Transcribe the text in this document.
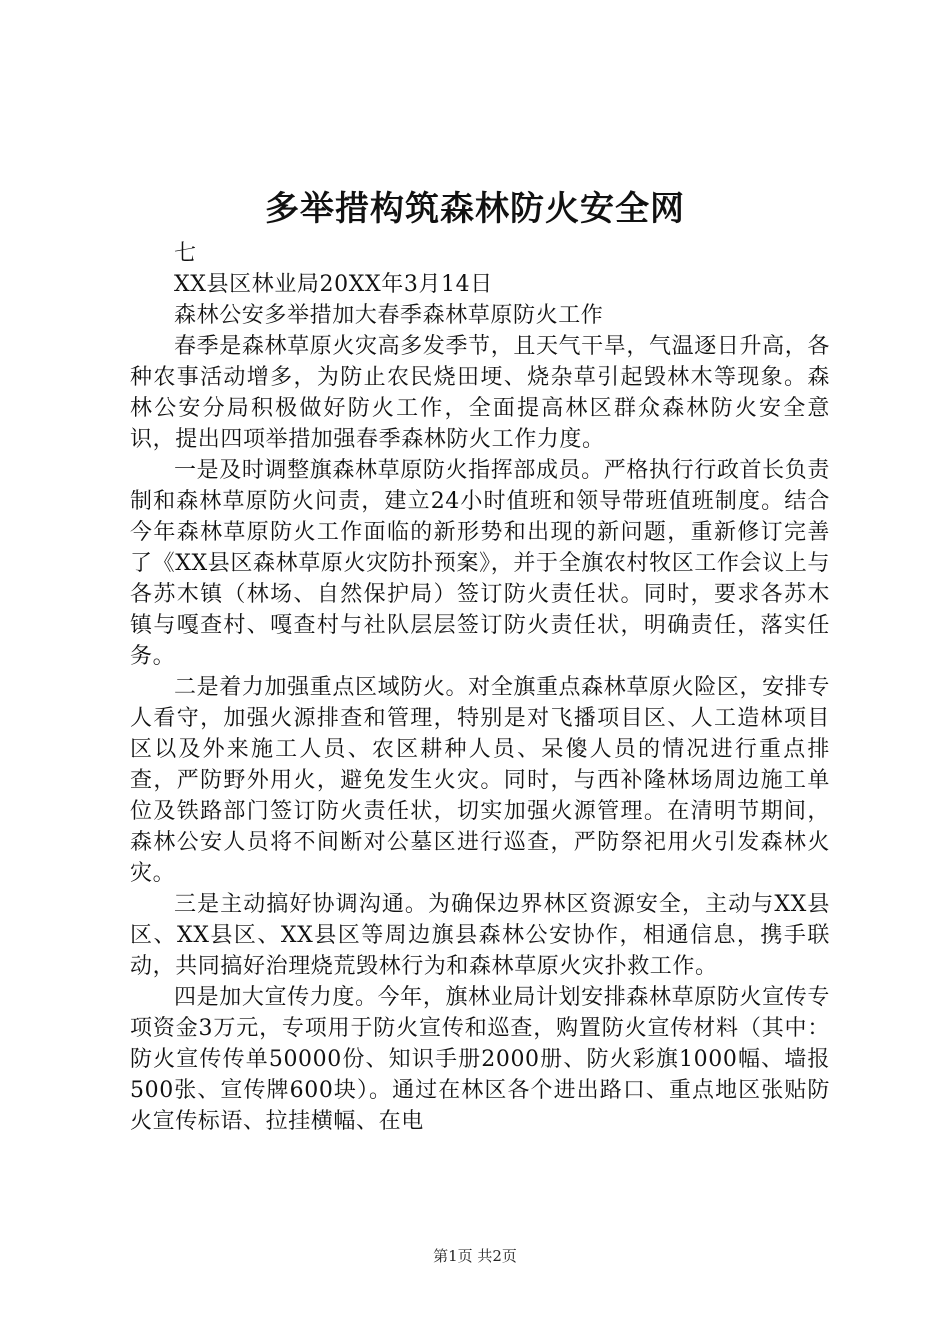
多举措构筑森林防火安全网

七

XX县区林业局20XX年3月14日

森林公安多举措加大春季森林草原防火工作

春季是森林草原火灾高多发季节，且天气干旱，气温逐日升高，各种农事活动增多，为防止农民烧田埂、烧杂草引起毁林木等现象。森林公安分局积极做好防火工作，全面提高林区群众森林防火安全意识，提出四项举措加强春季森林防火工作力度。

一是及时调整旗森林草原防火指挥部成员。严格执行行政首长负责制和森林草原防火问责，建立24小时值班和领导带班值班制度。结合今年森林草原防火工作面临的新形势和出现的新问题，重新修订完善了《XX县区森林草原火灾防扑预案》，并于全旗农村牧区工作会议上与各苏木镇（林场、自然保护局）签订防火责任状。同时，要求各苏木镇与嘎查村、嘎查村与社队层层签订防火责任状，明确责任，落实任务。

二是着力加强重点区域防火。对全旗重点森林草原火险区，安排专人看守，加强火源排查和管理，特别是对飞播项目区、人工造林项目区以及外来施工人员、农区耕种人员、呆傻人员的情况进行重点排查，严防野外用火，避免发生火灾。同时，与西补隆林场周边施工单位及铁路部门签订防火责任状，切实加强火源管理。在清明节期间，森林公安人员将不间断对公墓区进行巡查，严防祭祀用火引发森林火灾。

三是主动搞好协调沟通。为确保边界林区资源安全，主动与XX县区、XX县区、XX县区等周边旗县森林公安协作，相通信息，携手联动，共同搞好治理烧荒毁林行为和森林草原火灾扑救工作。

四是加大宣传力度。今年，旗林业局计划安排森林草原防火宣传专项资金3万元，专项用于防火宣传和巡查，购置防火宣传材料（其中：防火宣传传单50000份、知识手册2000册、防火彩旗1000幅、墙报500张、宣传牌600块）。通过在林区各个进出路口、重点地区张贴防火宣传标语、拉挂横幅、在电

第1页 共2页
